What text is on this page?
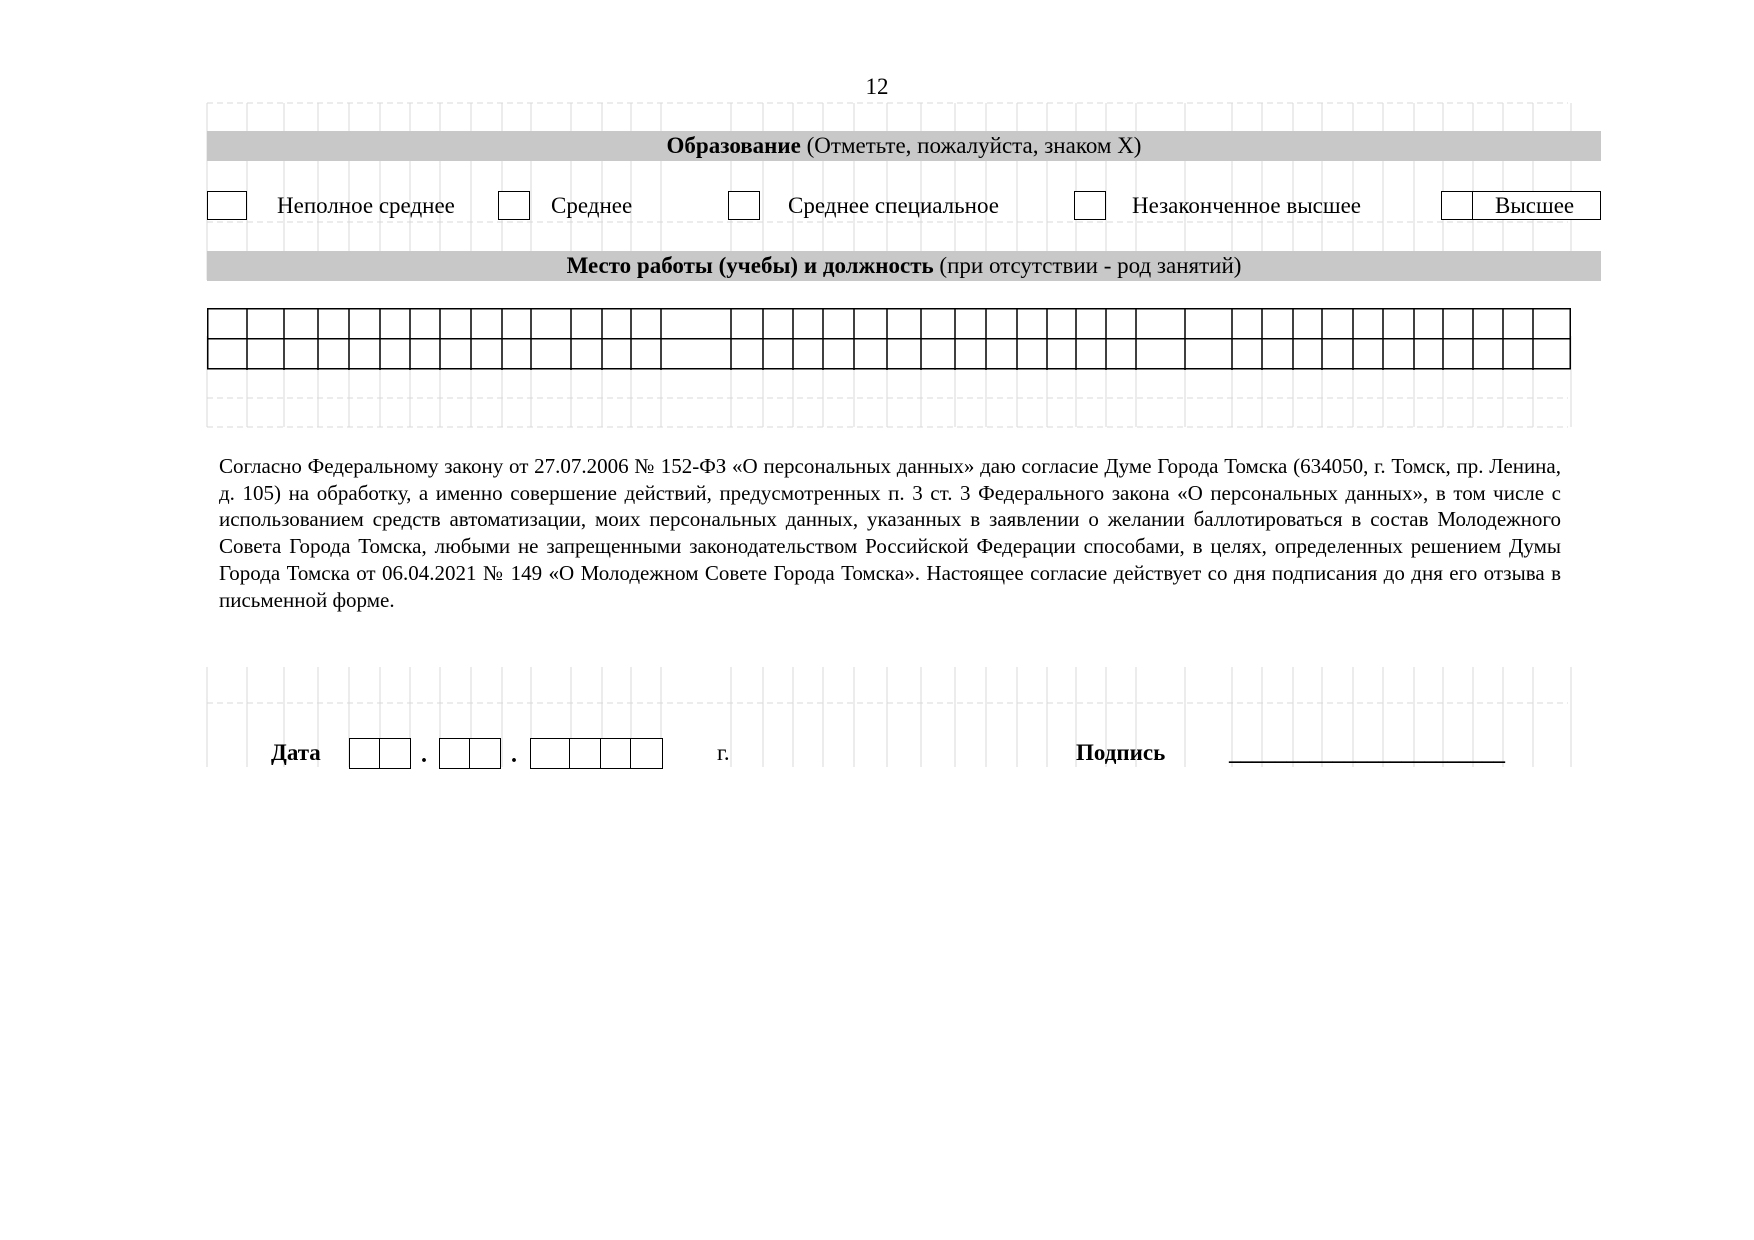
12
Образование (Отметьте, пожалуйста, знаком X)
Неполное среднее	Среднее	Среднее специальное	Незаконченное высшее	Высшее
Место работы (учебы) и должность (при отсутствии - род занятий)
Согласно Федеральному закону от 27.07.2006 № 152-ФЗ «О персональных данных» даю согласие Думе Города Томска (634050, г. Томск, пр. Ленина, д. 105) на обработку, а именно совершение действий, предусмотренных п. 3 ст. 3 Федерального закона «О персональных данных», в том числе с использованием средств автоматизации, моих персональных данных, указанных в заявлении о желании баллотироваться в состав Молодежного Совета Города Томска, любыми не запрещенными законодательством Российской Федерации способами, в целях, определенных решением Думы Города Томска от 06.04.2021 № 149 «О Молодежном Совете Города Томска». Настоящее согласие действует со дня подписания до дня его отзыва в письменной форме.
Дата	.	.	г.	Подпись	________________________
